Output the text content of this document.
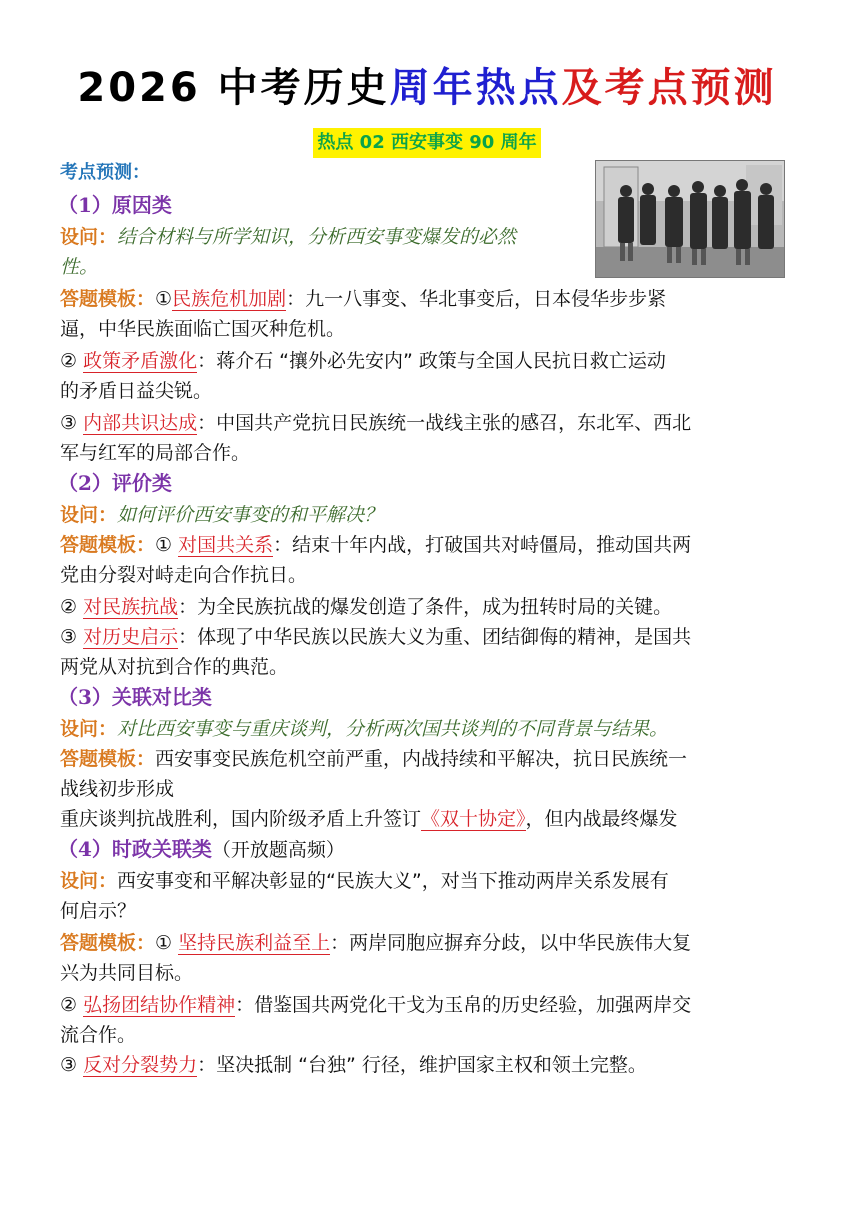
2026 中考历史周年热点及考点预测
热点 02 西安事变 90 周年
考点预测：
（1）原因类
设问：结合材料与所学知识，分析西安事变爆发的必然
性。
答题模板：①民族危机加剧：九一八事变、华北事变后，日本侵华步步紧
逼，中华民族面临亡国灭种危机。
② 政策矛盾激化：蒋介石 “攘外必先安内” 政策与全国人民抗日救亡运动
的矛盾日益尖锐。
③ 内部共识达成：中国共产党抗日民族统一战线主张的感召，东北军、西北
军与红军的局部合作。
（2）评价类
设问：如何评价西安事变的和平解决？
答题模板：① 对国共关系：结束十年内战，打破国共对峙僵局，推动国共两
党由分裂对峙走向合作抗日。
② 对民族抗战：为全民族抗战的爆发创造了条件，成为扭转时局的关键。
③ 对历史启示：体现了中华民族以民族大义为重、团结御侮的精神，是国共
两党从对抗到合作的典范。
（3）关联对比类
设问：对比西安事变与重庆谈判，分析两次国共谈判的不同背景与结果。
答题模板：西安事变民族危机空前严重，内战持续和平解决，抗日民族统一
战线初步形成
重庆谈判抗战胜利，国内阶级矛盾上升签订《双十协定》，但内战最终爆发
（4）时政关联类（开放题高频）
设问：西安事变和平解决彰显的“民族大义”，对当下推动两岸关系发展有
何启示？
答题模板：① 坚持民族利益至上：两岸同胞应摒弃分歧，以中华民族伟大复
兴为共同目标。
② 弘扬团结协作精神：借鉴国共两党化干戈为玉帛的历史经验，加强两岸交
流合作。
③ 反对分裂势力：坚决抵制 “台独” 行径，维护国家主权和领土完整。
